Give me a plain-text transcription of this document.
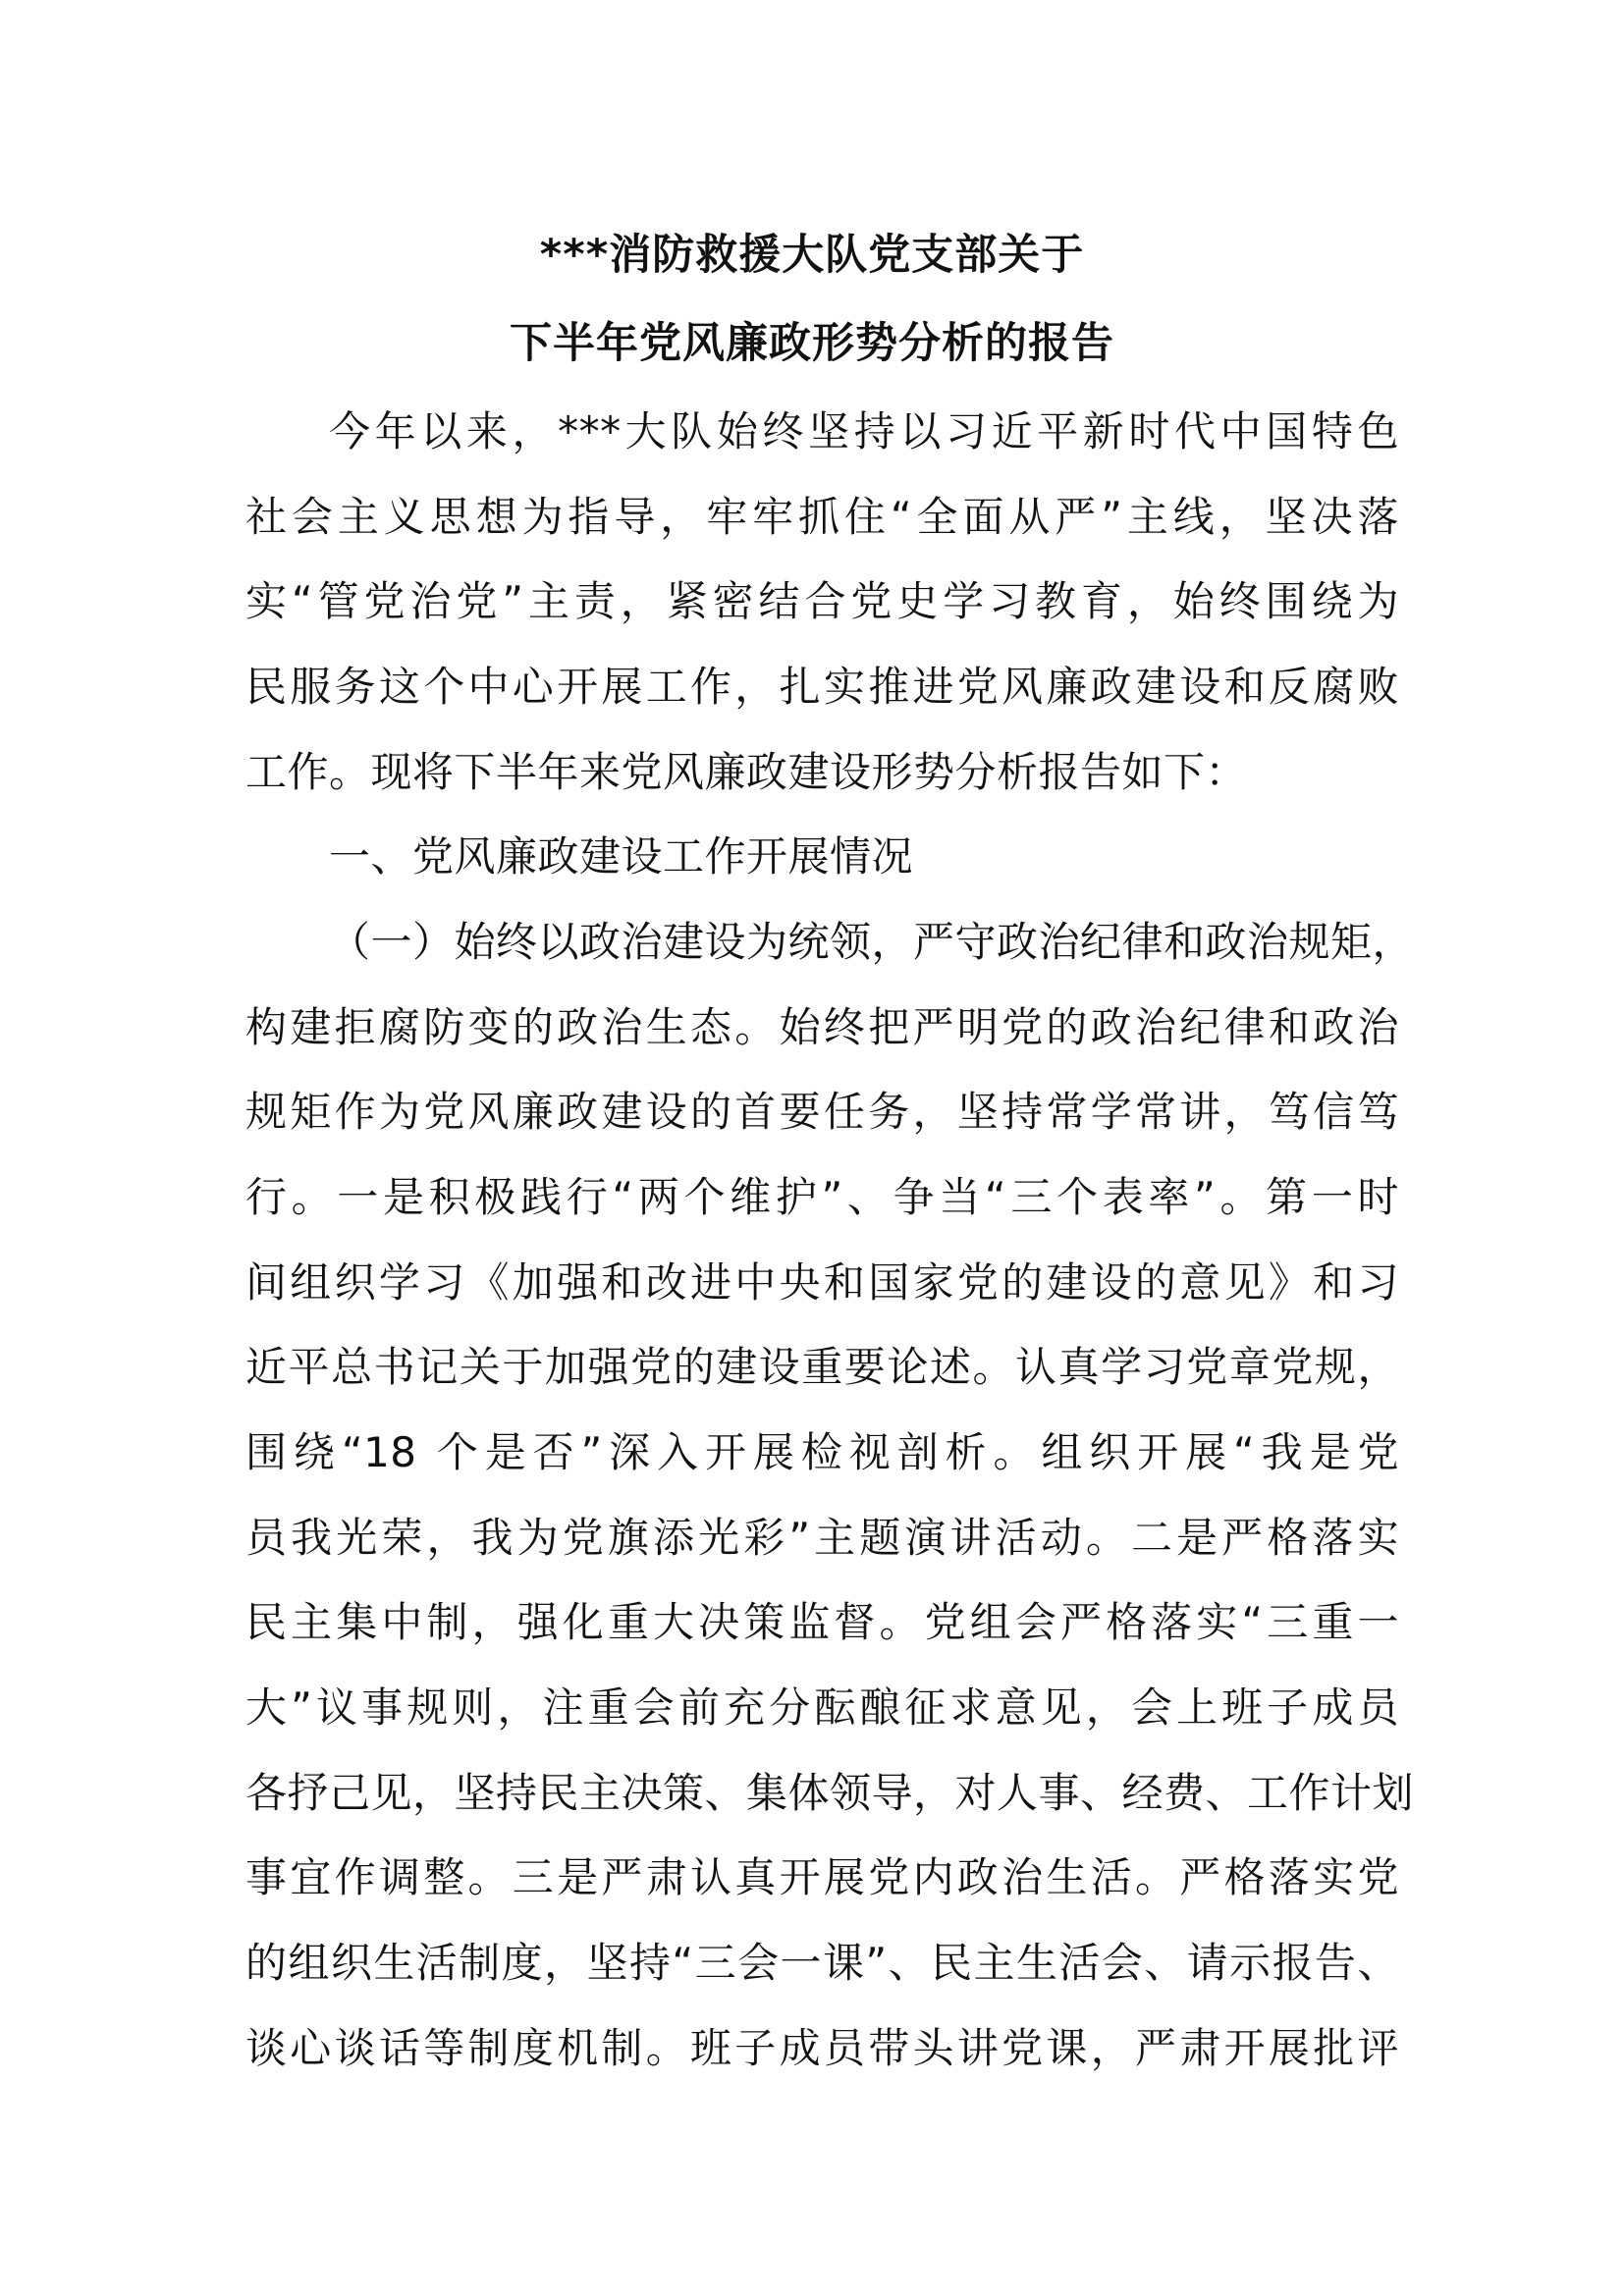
***消防救援大队党支部关于
下半年党风廉政形势分析的报告
今年以来，***大队始终坚持以习近平新时代中国特色
社会主义思想为指导，牢牢抓住“全面从严”主线，坚决落
实“管党治党”主责，紧密结合党史学习教育，始终围绕为
民服务这个中心开展工作，扎实推进党风廉政建设和反腐败
工作。现将下半年来党风廉政建设形势分析报告如下：
一、党风廉政建设工作开展情况
（一）始终以政治建设为统领，严守政治纪律和政治规矩，
构建拒腐防变的政治生态。始终把严明党的政治纪律和政治
规矩作为党风廉政建设的首要任务，坚持常学常讲，笃信笃
行。一是积极践行“两个维护”、争当“三个表率”。第一时
间组织学习《加强和改进中央和国家党的建设的意见》和习
近平总书记关于加强党的建设重要论述。认真学习党章党规，
围绕“18 个是否”深入开展检视剖析。组织开展“我是党
员我光荣，我为党旗添光彩”主题演讲活动。二是严格落实
民主集中制，强化重大决策监督。党组会严格落实“三重一
大”议事规则，注重会前充分酝酿征求意见，会上班子成员
各抒己见，坚持民主决策、集体领导，对人事、经费、工作计划
事宜作调整。三是严肃认真开展党内政治生活。严格落实党
的组织生活制度，坚持“三会一课”、民主生活会、请示报告、
谈心谈话等制度机制。班子成员带头讲党课，严肃开展批评
